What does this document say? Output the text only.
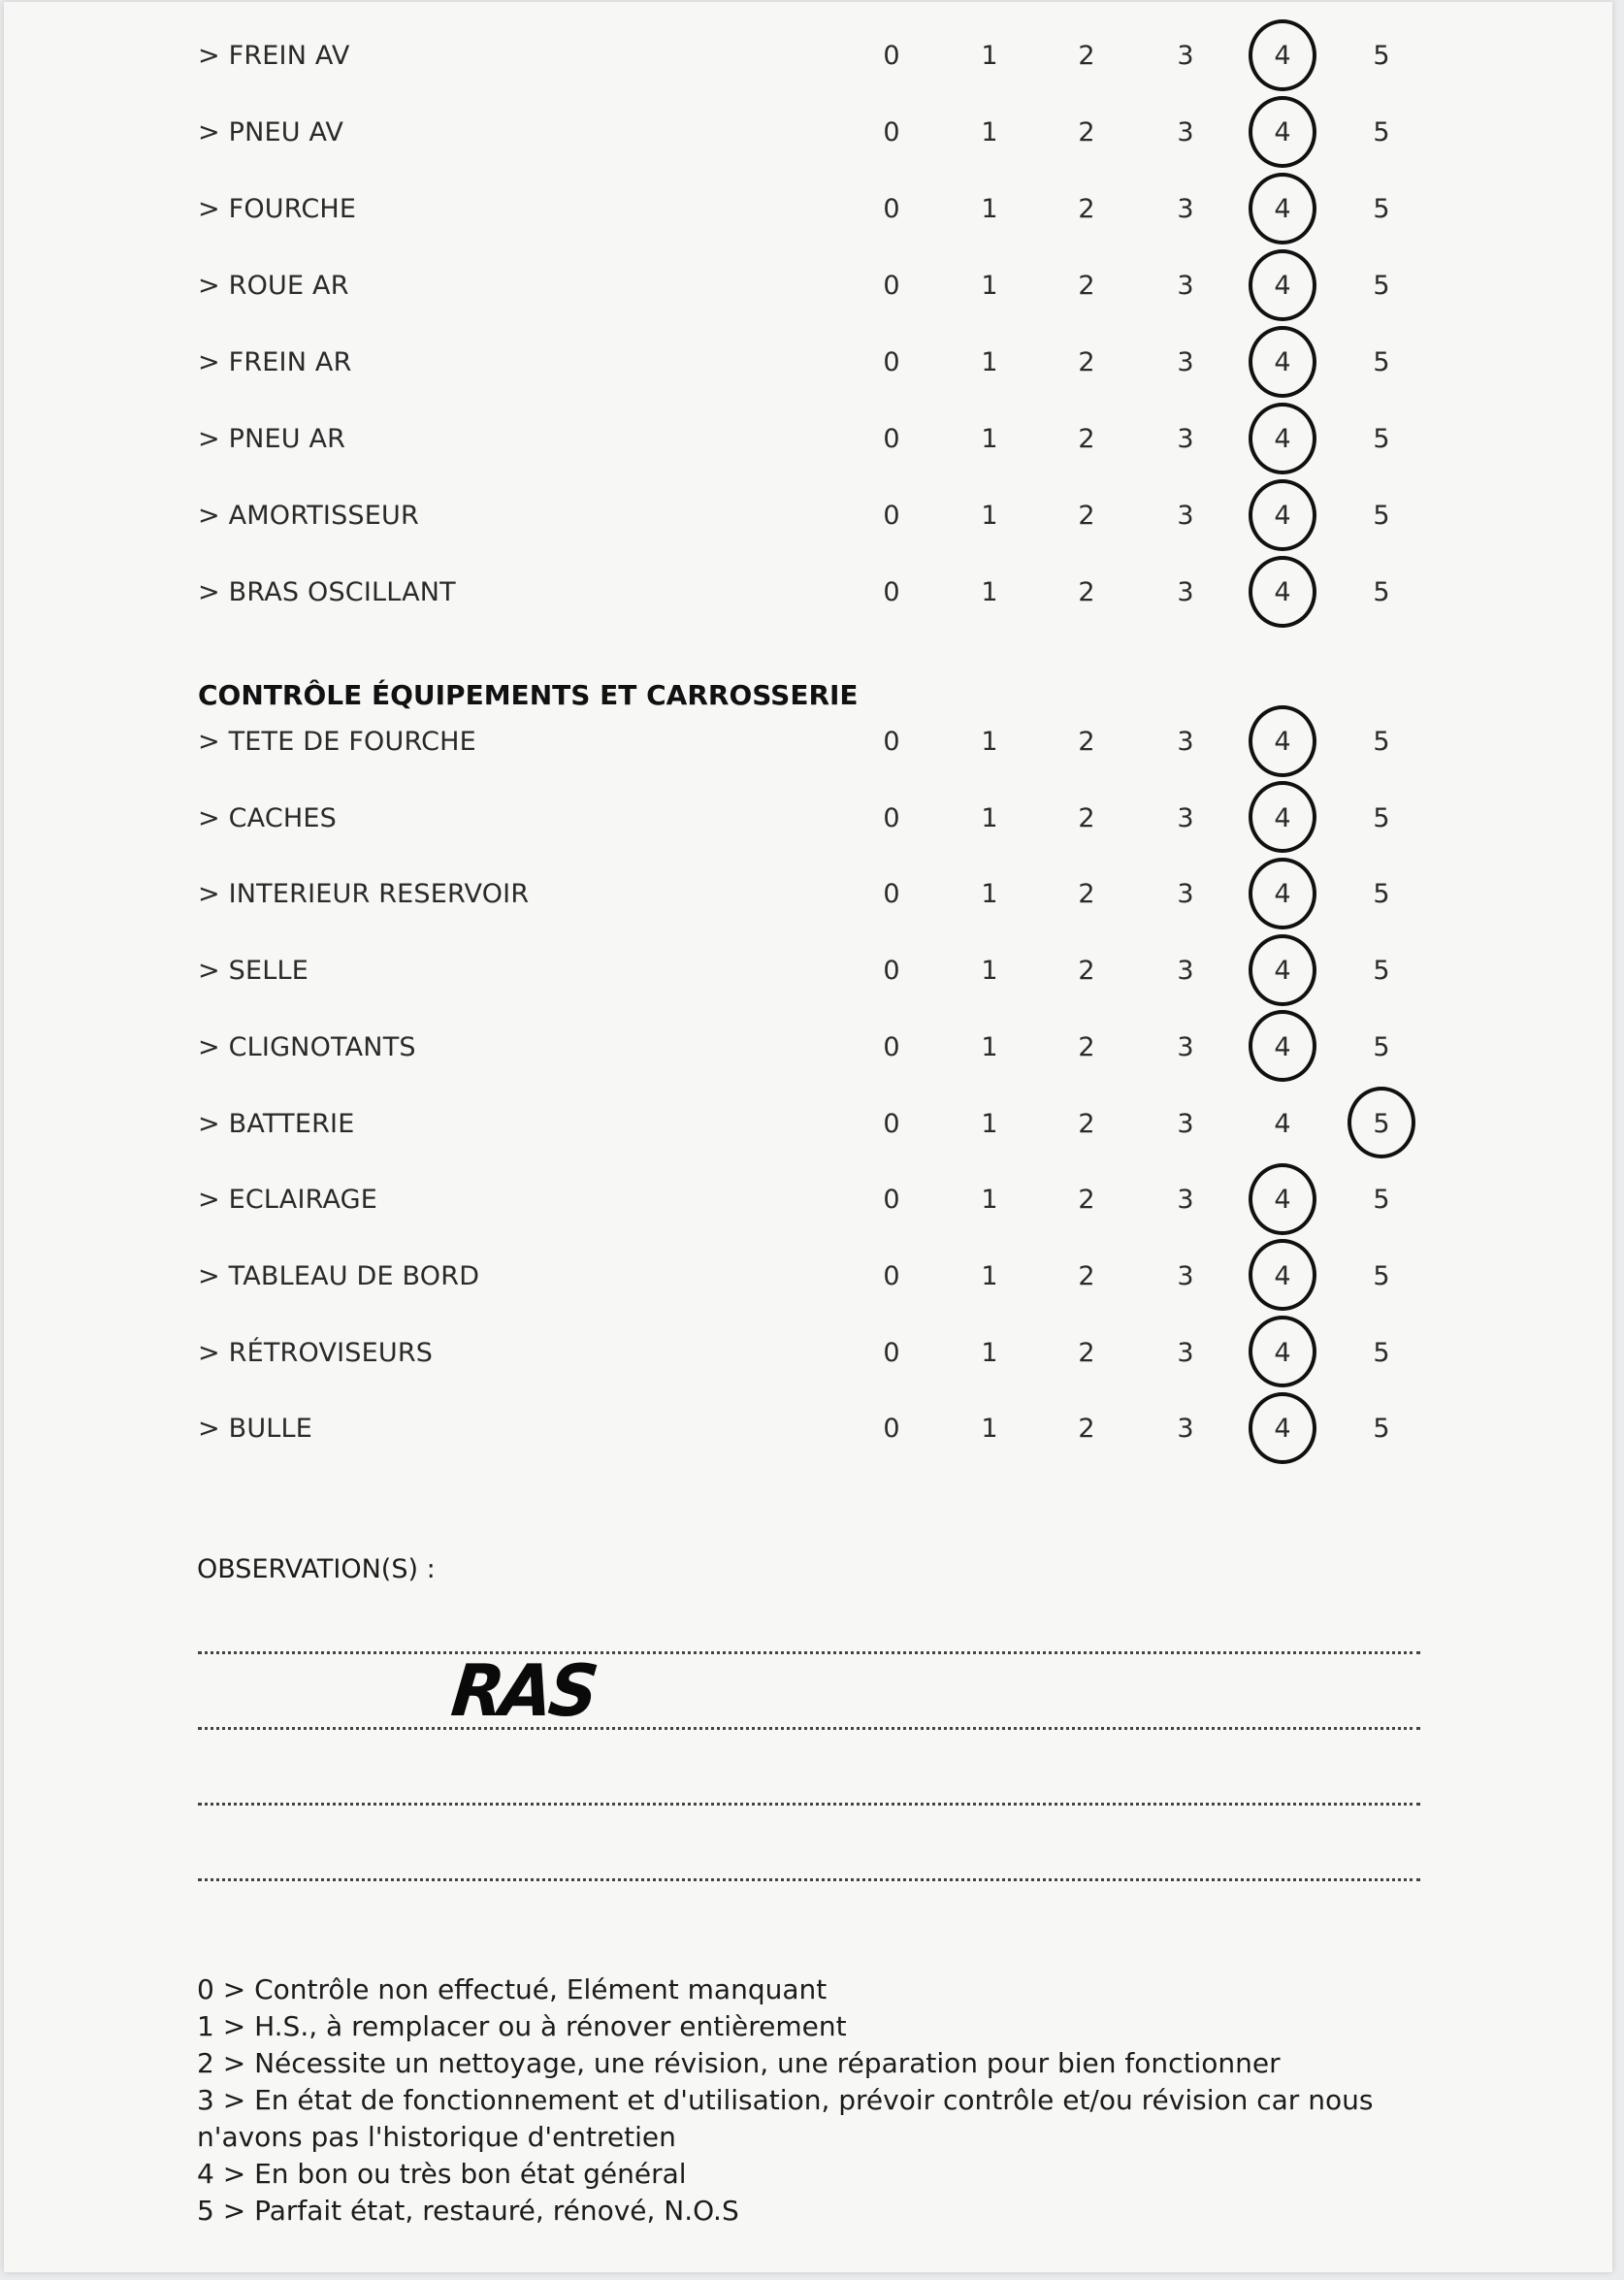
> FREIN AV	0	1	2	3	4	5
> PNEU AV	0	1	2	3	4	5
> FOURCHE	0	1	2	3	4	5
> ROUE AR	0	1	2	3	4	5
> FREIN AR	0	1	2	3	4	5
> PNEU AR	0	1	2	3	4	5
> AMORTISSEUR	0	1	2	3	4	5
> BRAS OSCILLANT	0	1	2	3	4	5
CONTRÔLE ÉQUIPEMENTS ET CARROSSERIE
> TETE DE FOURCHE	0	1	2	3	4	5
> CACHES	0	1	2	3	4	5
> INTERIEUR RESERVOIR	0	1	2	3	4	5
> SELLE	0	1	2	3	4	5
> CLIGNOTANTS	0	1	2	3	4	5
> BATTERIE	0	1	2	3	4	5
> ECLAIRAGE	0	1	2	3	4	5
> TABLEAU DE BORD	0	1	2	3	4	5
> RÉTROVISEURS	0	1	2	3	4	5
> BULLE	0	1	2	3	4	5
OBSERVATION(S) :
RAS
0 > Contrôle non effectué, Elément manquant
1 > H.S., à remplacer ou à rénover entièrement
2 > Nécessite un nettoyage, une révision, une réparation pour bien fonctionner
3 > En état de fonctionnement et d'utilisation, prévoir contrôle et/ou révision car nous
n'avons pas l'historique d'entretien
4 > En bon ou très bon état général
5 > Parfait état, restauré, rénové, N.O.S
